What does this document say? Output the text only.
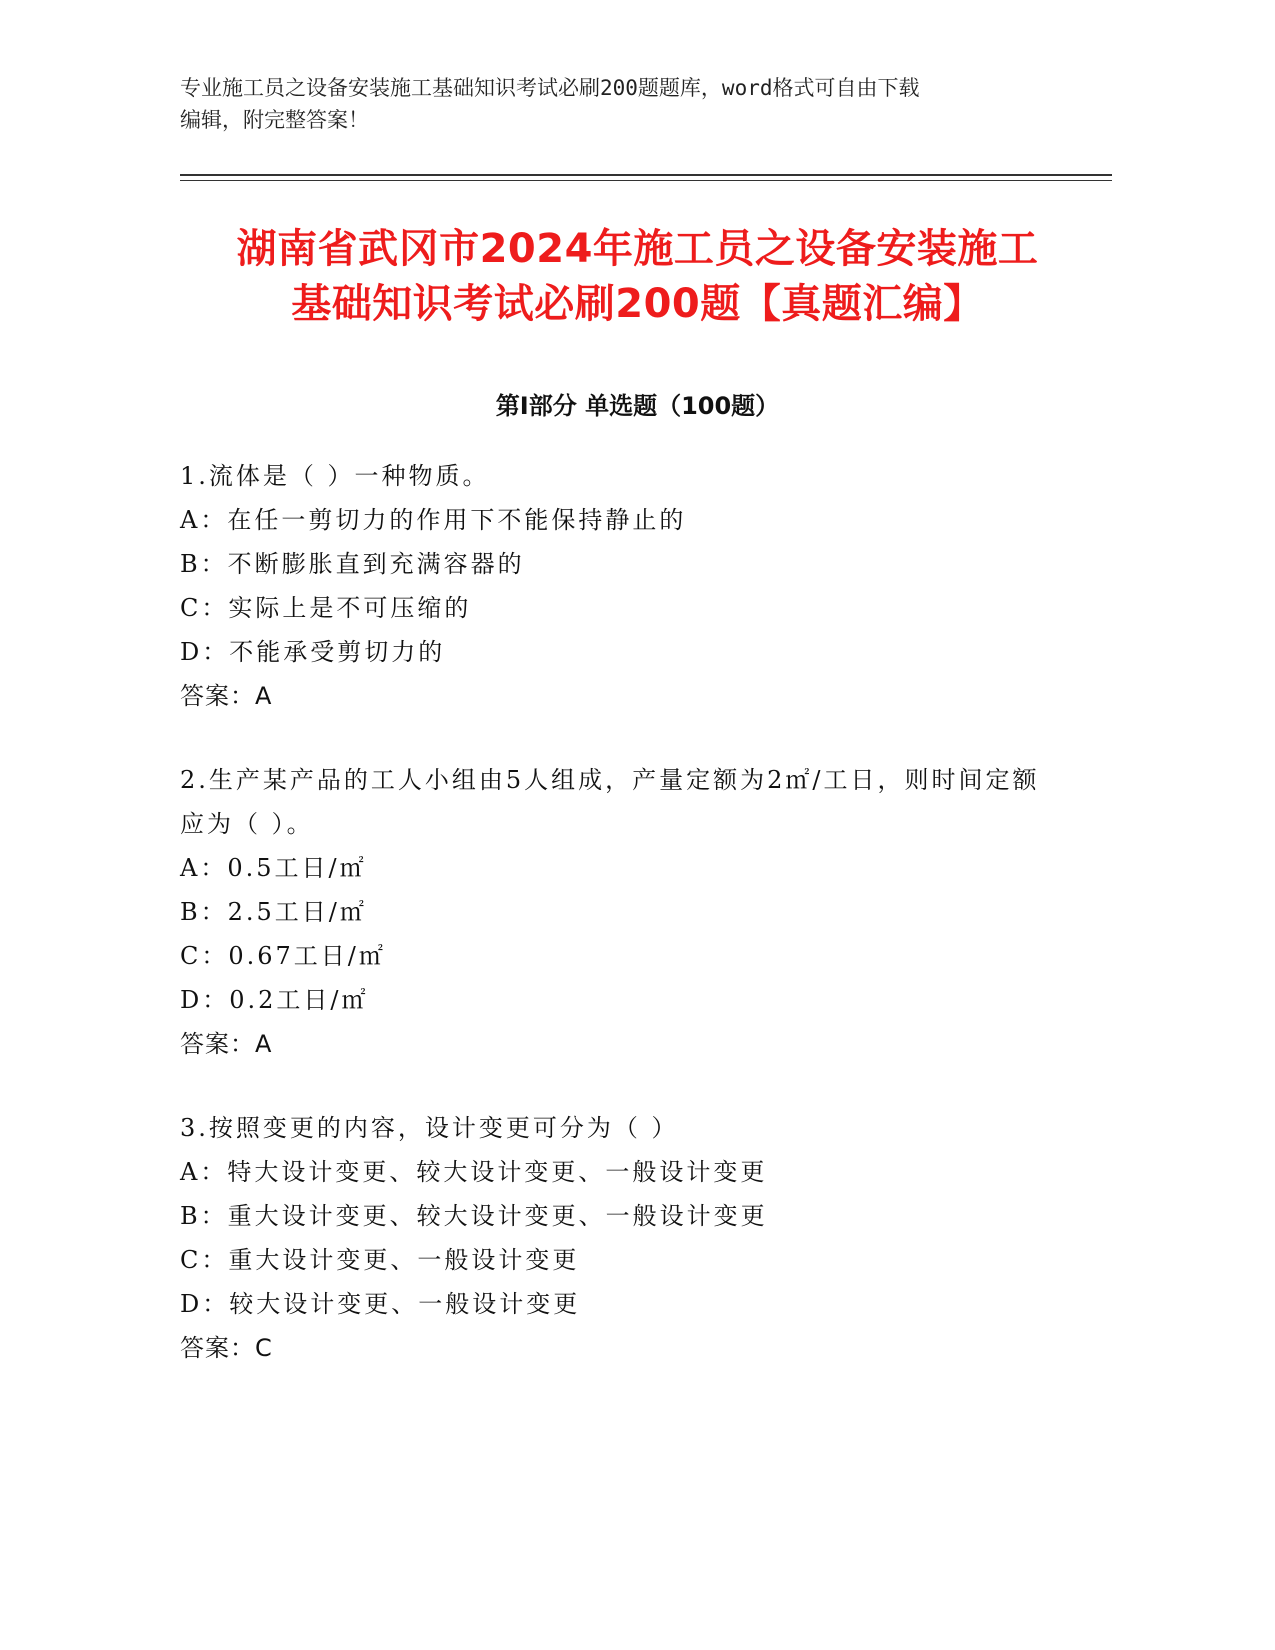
专业施工员之设备安装施工基础知识考试必刷200题题库，word格式可自由下载
编辑，附完整答案！
湖南省武冈市2024年施工员之设备安装施工
基础知识考试必刷200题【真题汇编】
第Ⅰ部分 单选题（100题）
1.流体是（ ）一种物质。
A：在任一剪切力的作用下不能保持静止的
B：不断膨胀直到充满容器的
C：实际上是不可压缩的
D：不能承受剪切力的
答案：A
2.生产某产品的工人小组由5人组成，产量定额为2㎡/工日，则时间定额应为（ ）。
A：0.5工日/㎡
B：2.5工日/㎡
C：0.67工日/㎡
D：0.2工日/㎡
答案：A
3.按照变更的内容，设计变更可分为（ ）
A：特大设计变更、较大设计变更、一般设计变更
B：重大设计变更、较大设计变更、一般设计变更
C：重大设计变更、一般设计变更
D：较大设计变更、一般设计变更
答案：C
